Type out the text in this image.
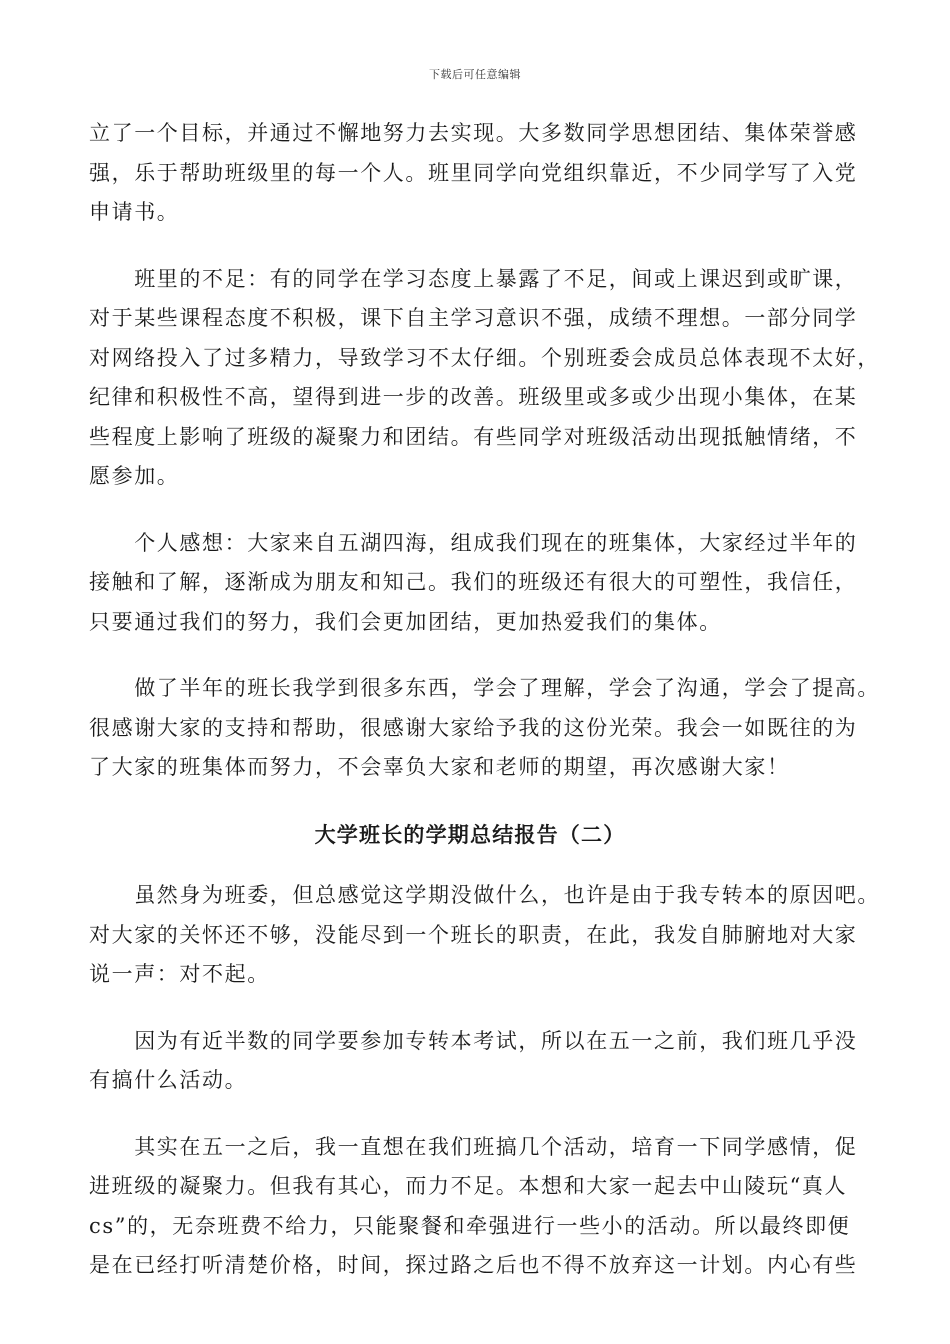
下载后可任意编辑

立了一个目标，并通过不懈地努力去实现。大多数同学思想团结、集体荣誉感
强，乐于帮助班级里的每一个人。班里同学向党组织靠近，不少同学写了入党
申请书。

　　班里的不足：有的同学在学习态度上暴露了不足，间或上课迟到或旷课，
对于某些课程态度不积极，课下自主学习意识不强，成绩不理想。一部分同学
对网络投入了过多精力，导致学习不太仔细。个别班委会成员总体表现不太好，
纪律和积极性不高，望得到进一步的改善。班级里或多或少出现小集体，在某
些程度上影响了班级的凝聚力和团结。有些同学对班级活动出现抵触情绪，不
愿参加。

　　个人感想：大家来自五湖四海，组成我们现在的班集体，大家经过半年的
接触和了解，逐渐成为朋友和知己。我们的班级还有很大的可塑性，我信任，
只要通过我们的努力，我们会更加团结，更加热爱我们的集体。

　　做了半年的班长我学到很多东西，学会了理解，学会了沟通，学会了提高。
很感谢大家的支持和帮助，很感谢大家给予我的这份光荣。我会一如既往的为
了大家的班集体而努力，不会辜负大家和老师的期望，再次感谢大家！

大学班长的学期总结报告（二）

　　虽然身为班委，但总感觉这学期没做什么，也许是由于我专转本的原因吧。
对大家的关怀还不够，没能尽到一个班长的职责，在此，我发自肺腑地对大家
说一声：对不起。

　　因为有近半数的同学要参加专转本考试，所以在五一之前，我们班几乎没
有搞什么活动。

　　其实在五一之后，我一直想在我们班搞几个活动，培育一下同学感情，促
进班级的凝聚力。但我有其心，而力不足。本想和大家一起去中山陵玩“真人
cs”的，无奈班费不给力，只能聚餐和牵强进行一些小的活动。所以最终即便
是在已经打听清楚价格，时间，探过路之后也不得不放弃这一计划。内心有些
